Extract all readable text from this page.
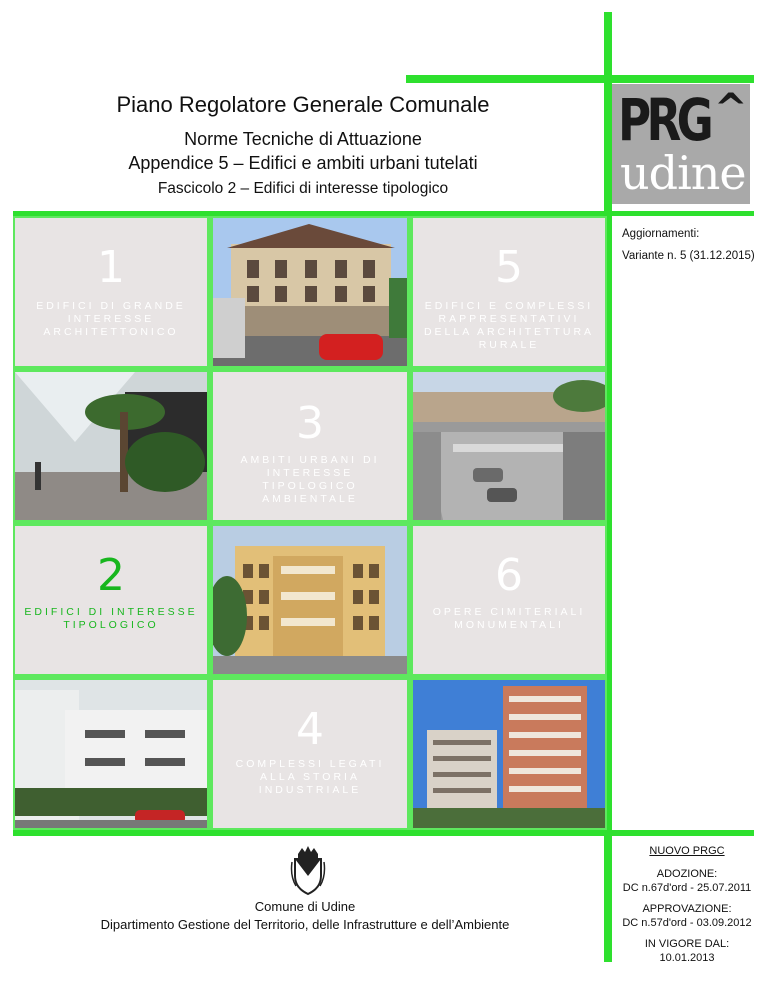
Piano Regolatore Generale Comunale
Norme Tecniche di Attuazione
Appendice 5 – Edifici e ambiti urbani tutelati
Fascicolo 2 – Edifici di interesse tipologico
PRG ^
udine
Aggiornamenti:
Variante n. 5 (31.12.2015)
1
EDIFICI DI GRANDE INTERESSE ARCHITETTONICO
5
EDIFICI E COMPLESSI RAPPRESENTATIVI DELLA ARCHITETTURA RURALE
3
AMBITI URBANI DI INTERESSE TIPOLOGICO AMBIENTALE
2
EDIFICI DI INTERESSE TIPOLOGICO
6
OPERE CIMITERIALI MONUMENTALI
4
COMPLESSI LEGATI ALLA STORIA INDUSTRIALE
NUOVO PRGC
ADOZIONE:
DC n.67d'ord - 25.07.2011
APPROVAZIONE:
DC n.57d'ord - 03.09.2012
IN VIGORE DAL:
10.01.2013
Comune di Udine
Dipartimento Gestione del Territorio, delle Infrastrutture e dell’Ambiente
